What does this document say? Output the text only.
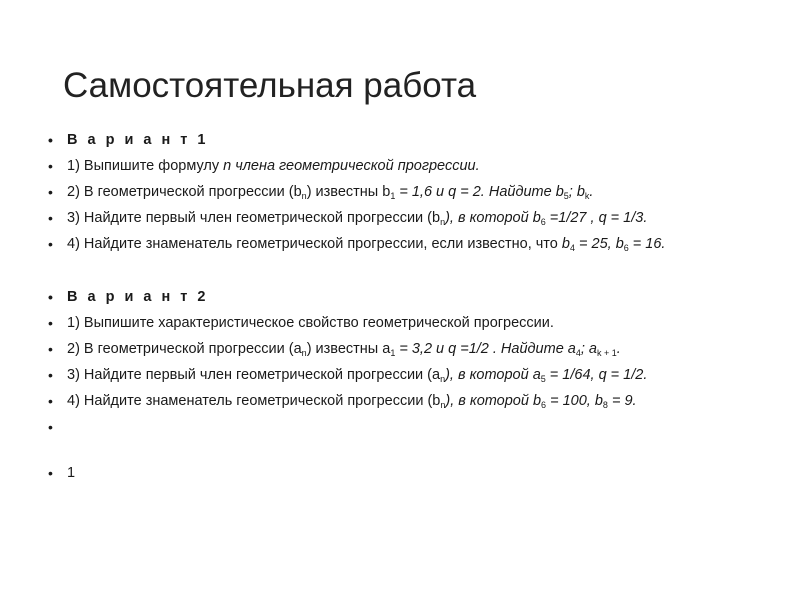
Самостоятельная работа
• В а р и а н т 1
• 1) Выпишите формулу n члена геометрической прогрессии.
• 2) В геометрической прогрессии $(b_n)$ известны $b_1 = 1,6$ и q = 2. Найдите $b_5$; $b_k$.
• 3) Найдите первый член геометрической прогрессии $(b_n)$, в которой $b_6 =1/27$ , q = 1/3.
• 4) Найдите знаменатель геометрической прогрессии, если известно, что $b_4 = 25$, $b_6 = 16$.
• В а р и а н т 2
• 1) Выпишите характеристическое свойство геометрической прогрессии.
• 2) В геометрической прогрессии $(a_n)$ известны $a_1 = 3,2$ и q =1/2 . Найдите $a_4$; $a_{k + 1}$.
• 3) Найдите первый член геометрической прогрессии $(a_n)$, в которой $a_5 = 1/64$, q = 1/2.
• 4) Найдите знаменатель геометрической прогрессии $(b_n)$, в которой $b_6 = 100$, $b_8 = 9$.
•
• 1
